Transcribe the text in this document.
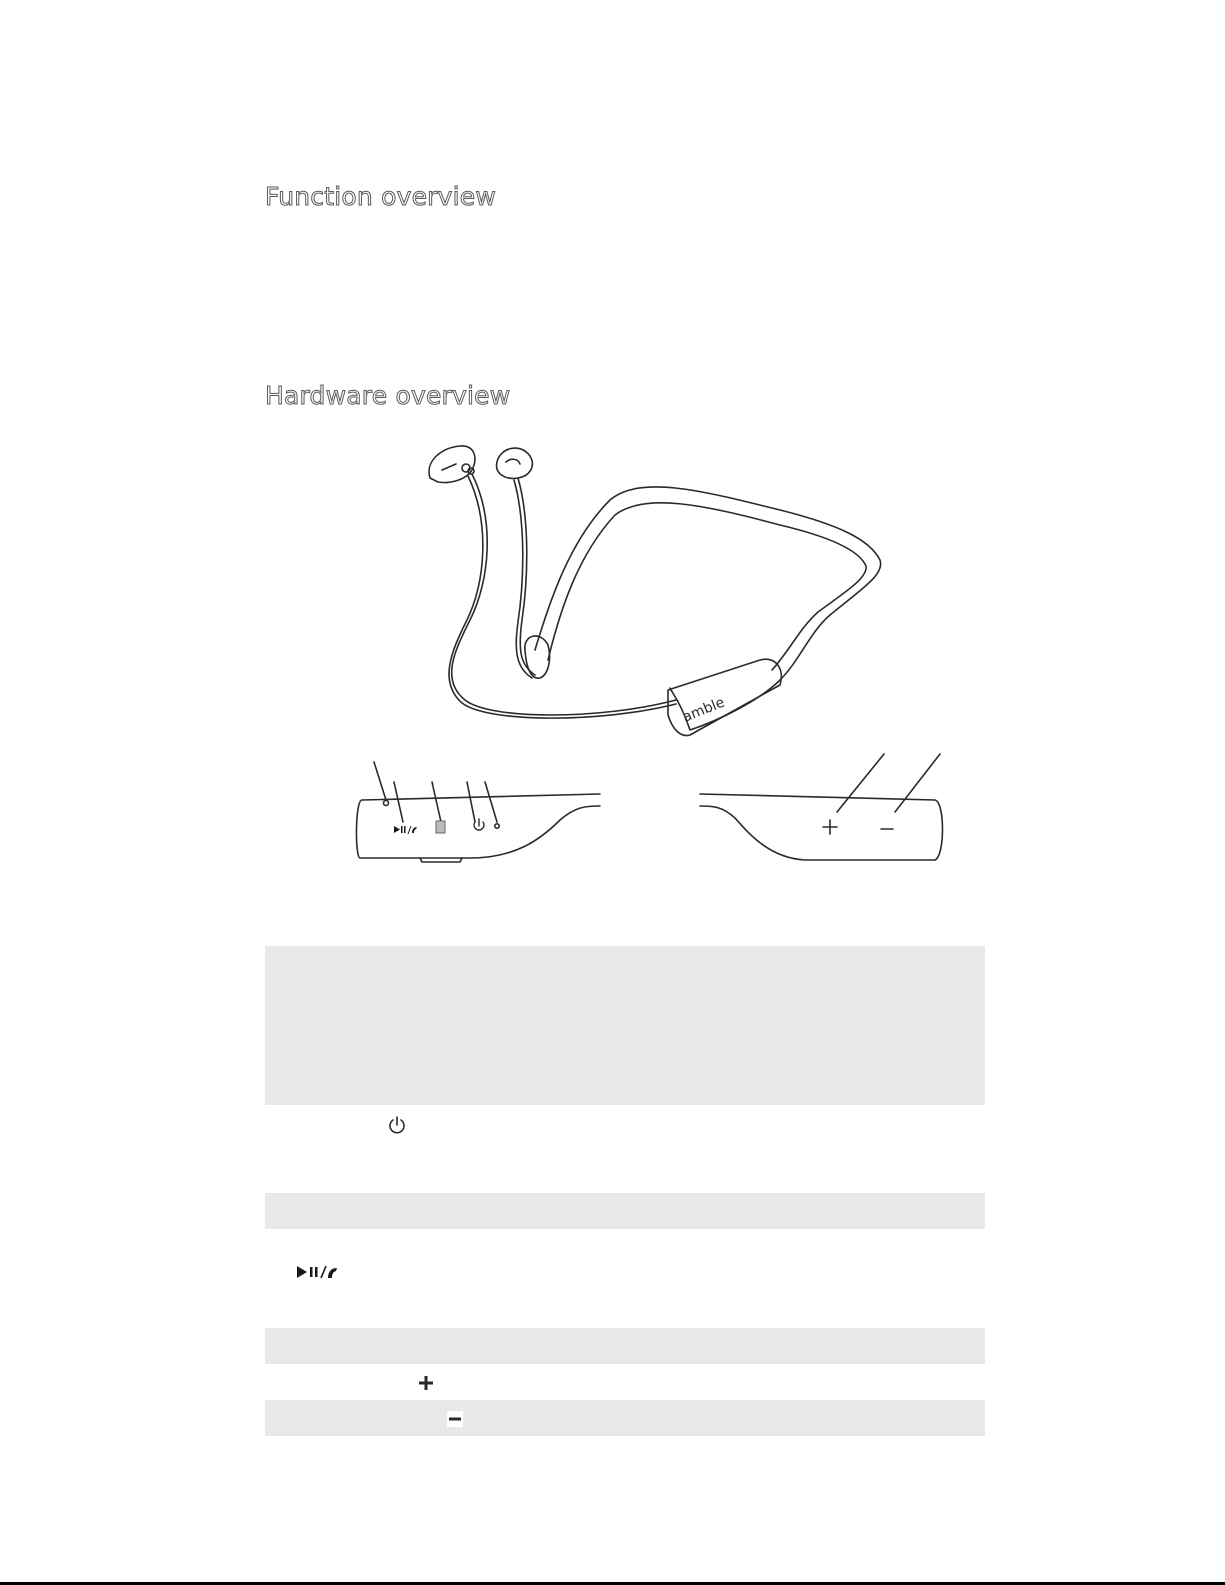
Function overview
Hardware overview
amble
